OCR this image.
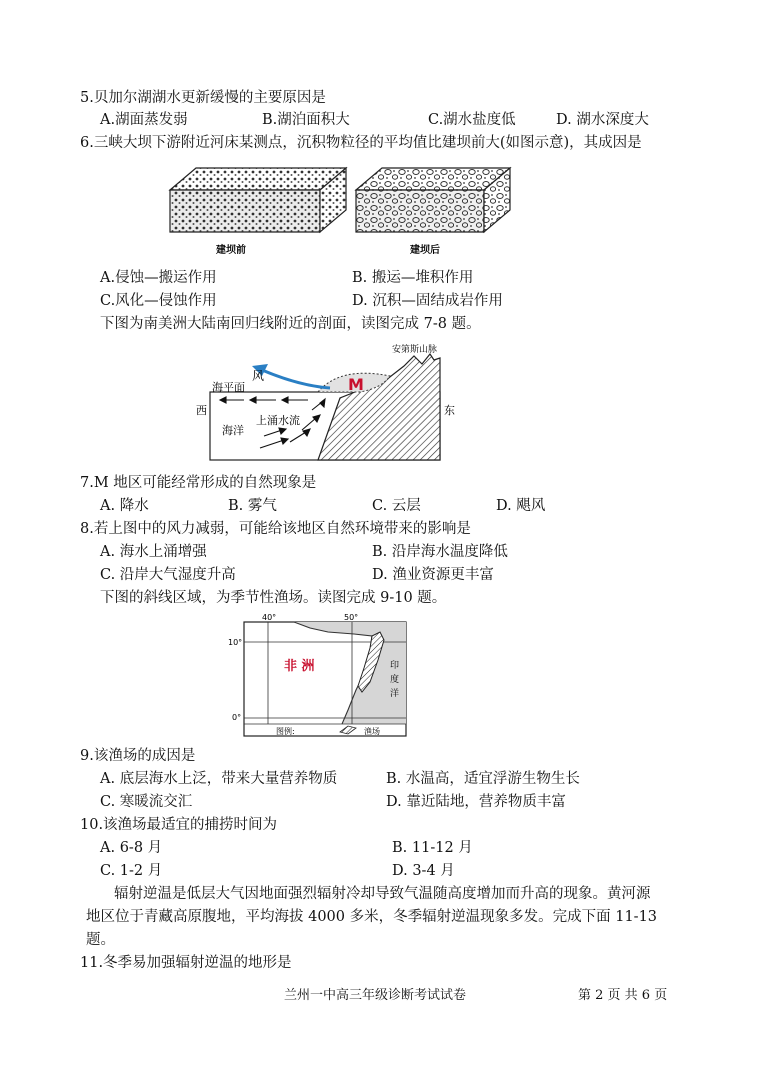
5.贝加尔湖湖水更新缓慢的主要原因是
A.湖面蒸发弱	B.湖泊面积大	C.湖水盐度低	D. 湖水深度大
6.三峡大坝下游附近河床某测点，沉积物粒径的平均值比建坝前大(如图示意)，其成因是
建坝前	建坝后
A.侵蚀—搬运作用	B. 搬运—堆积作用
C.风化—侵蚀作用	D. 沉积—固结成岩作用
下图为南美洲大陆南回归线附近的剖面，读图完成 7-8 题。
安第斯山脉
M
风
海平面
西	东
海洋
上涌水流
7.M 地区可能经常形成的自然现象是
A. 降水	B. 雾气	C. 云层	D. 飓风
8.若上图中的风力减弱，可能给该地区自然环境带来的影响是
A. 海水上涌增强	B. 沿岸海水温度降低
C. 沿岸大气湿度升高	D. 渔业资源更丰富
下图的斜线区域，为季节性渔场。读图完成 9-10 题。
40°	50°
10°
0°
非 洲	印
度
洋
图例:	渔场
9.该渔场的成因是
A. 底层海水上泛，带来大量营养物质	B. 水温高，适宜浮游生物生长
C. 寒暖流交汇	D. 靠近陆地，营养物质丰富
10.该渔场最适宜的捕捞时间为
A. 6-8 月	B. 11-12 月
C. 1-2 月	D. 3-4 月
辐射逆温是低层大气因地面强烈辐射冷却导致气温随高度增加而升高的现象。黄河源
地区位于青藏高原腹地，平均海拔 4000 多米，冬季辐射逆温现象多发。完成下面 11-13
题。
11.冬季易加强辐射逆温的地形是
兰州一中高三年级诊断考试试卷	第 2 页 共 6 页
